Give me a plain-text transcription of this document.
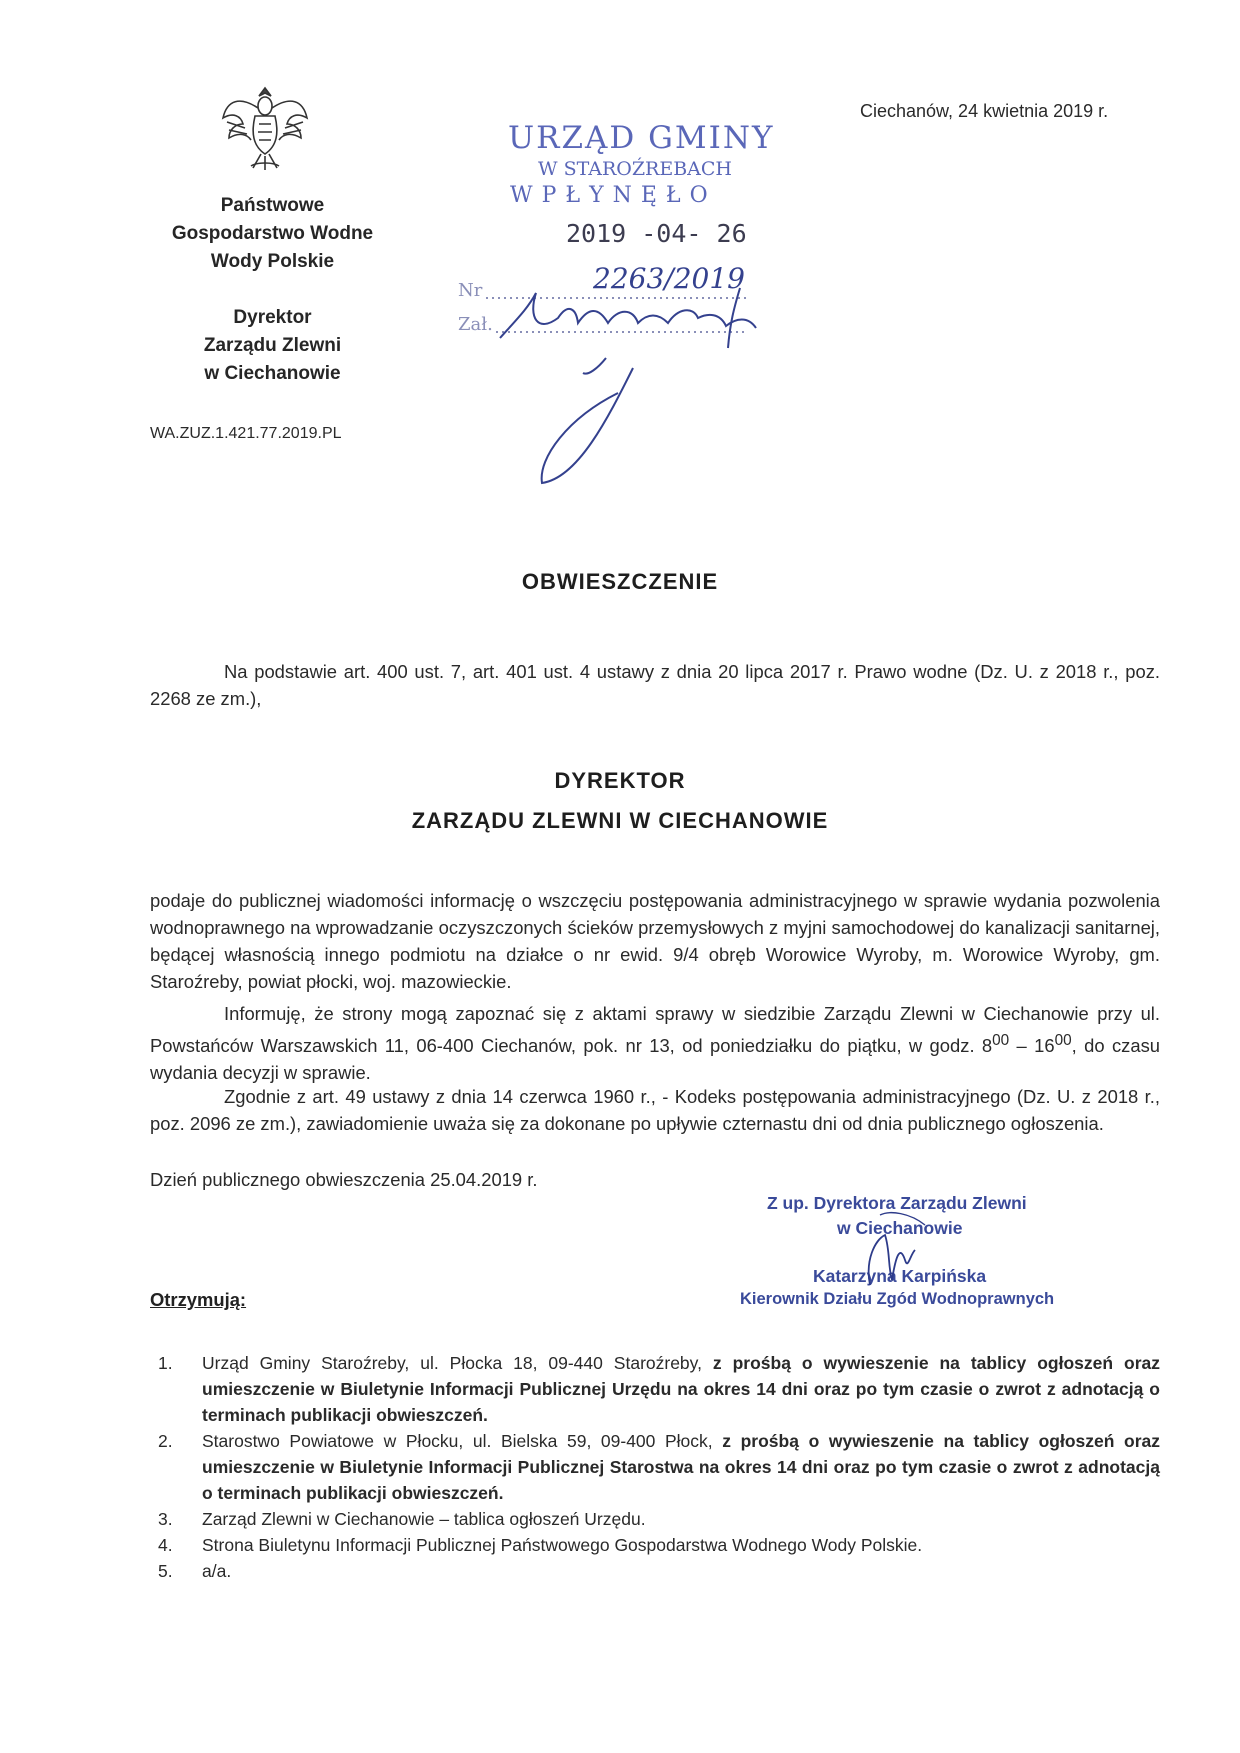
Państwowe
Gospodarstwo Wodne
Wody Polskie
Dyrektor
Zarządu Zlewni
w Ciechanowie
WA.ZUZ.1.421.77.2019.PL
Ciechanów, 24 kwietnia 2019 r.
URZĄD GMINY
W STAROŹREBACH
W P Ł Y N Ę Ł O
2019 -04- 26
Nr	2263/2019
Zał.
OBWIESZCZENIE
Na podstawie art. 400 ust. 7, art. 401 ust. 4 ustawy z dnia 20 lipca 2017 r. Prawo wodne (Dz. U. z 2018 r., poz. 2268 ze zm.),
DYREKTOR
ZARZĄDU ZLEWNI W CIECHANOWIE
podaje do publicznej wiadomości informację o wszczęciu postępowania administracyjnego w sprawie wydania pozwolenia wodnoprawnego na wprowadzanie oczyszczonych ścieków przemysłowych z myjni samochodowej do kanalizacji sanitarnej, będącej własnością innego podmiotu na działce o nr ewid. 9/4 obręb Worowice Wyroby, m. Worowice Wyroby, gm. Staroźreby, powiat płocki, woj. mazowieckie.
Informuję, że strony mogą zapoznać się z aktami sprawy w siedzibie Zarządu Zlewni w Ciechanowie przy ul. Powstańców Warszawskich 11, 06-400 Ciechanów, pok. nr 13, od poniedziałku do piątku, w godz. $8^{00} - 16^{00}$, do czasu wydania decyzji w sprawie.
Zgodnie z art. 49 ustawy z dnia 14 czerwca 1960 r., - Kodeks postępowania administracyjnego (Dz. U. z 2018 r., poz. 2096 ze zm.), zawiadomienie uważa się za dokonane po upływie czternastu dni od dnia publicznego ogłoszenia.
Dzień publicznego obwieszczenia 25.04.2019 r.
Z up. Dyrektora Zarządu Zlewni
w Ciechanowie
Katarzyna Karpińska
Kierownik Działu Zgód Wodnoprawnych
Otrzymują:
1.	Urząd Gminy Staroźreby, ul. Płocka 18, 09-440 Staroźreby, z prośbą o wywieszenie na tablicy ogłoszeń oraz umieszczenie w Biuletynie Informacji Publicznej Urzędu na okres 14 dni oraz po tym czasie o zwrot z adnotacją o terminach publikacji obwieszczeń.
2.	Starostwo Powiatowe w Płocku, ul. Bielska 59, 09-400 Płock, z prośbą o wywieszenie na tablicy ogłoszeń oraz umieszczenie w Biuletynie Informacji Publicznej Starostwa na okres 14 dni oraz po tym czasie o zwrot z adnotacją o terminach publikacji obwieszczeń.
3.	Zarząd Zlewni w Ciechanowie – tablica ogłoszeń Urzędu.
4.	Strona Biuletynu Informacji Publicznej Państwowego Gospodarstwa Wodnego Wody Polskie.
5.	a/a.
